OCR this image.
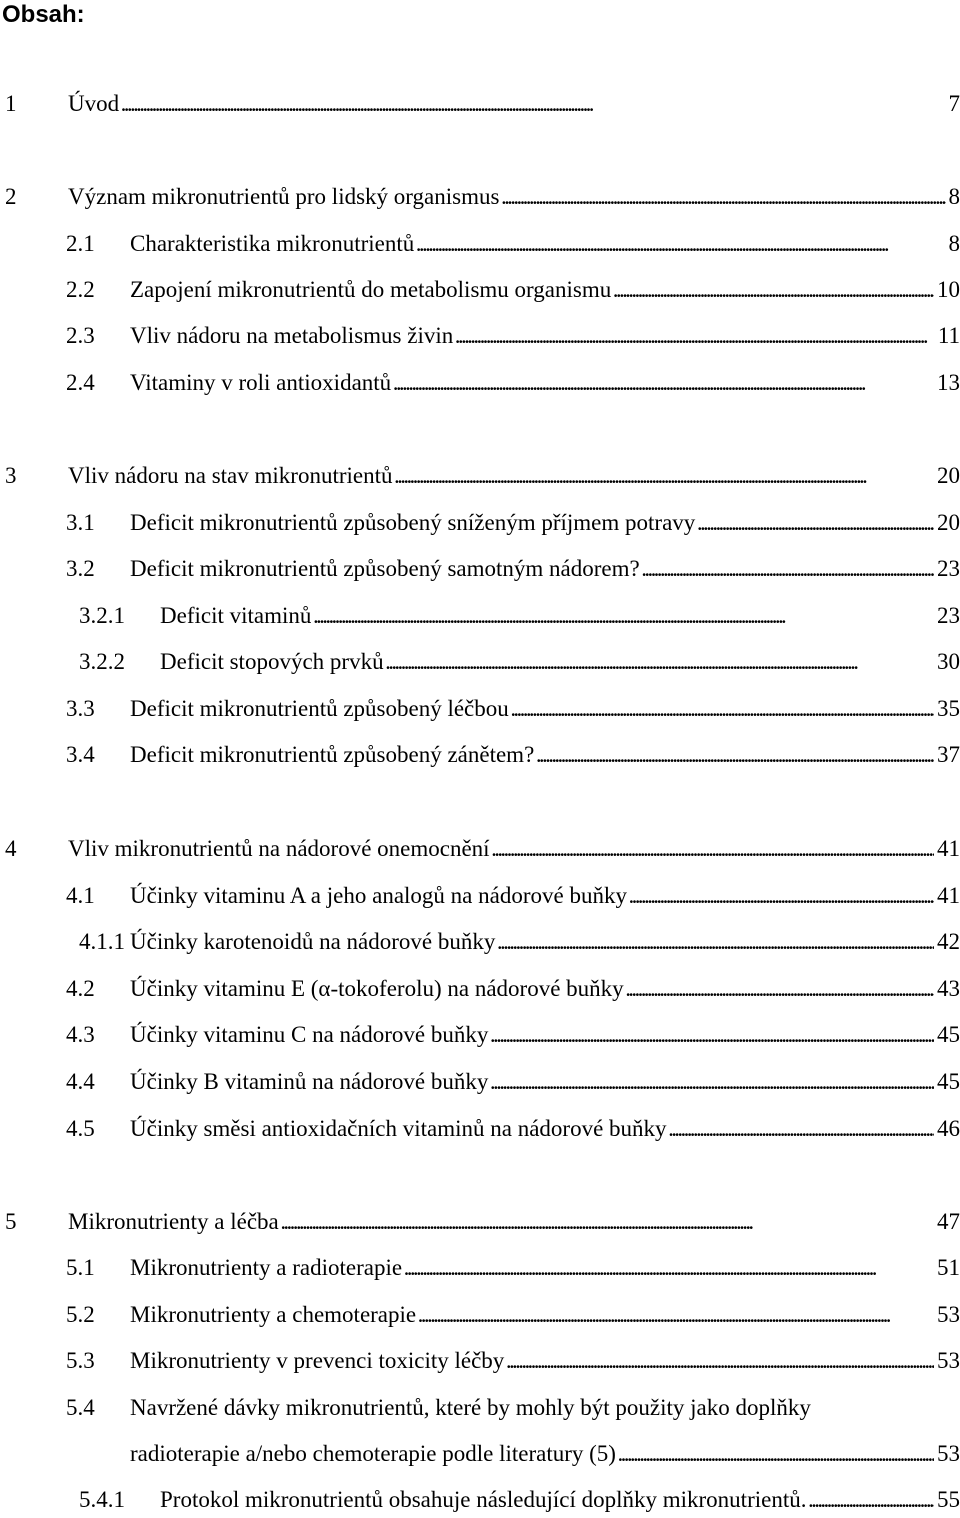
Obsah:
1 Úvod . . .	7
2 Význam mikronutrientů pro lidský organismus . . .	8
2.1 Charakteristika mikronutrientů . . .	8
2.2 Zapojení mikronutrientů do metabolismu organismu . . .	10
2.3 Vliv nádoru na metabolismus živin . . .	11
2.4 Vitaminy v roli antioxidantů . . .	13
3 Vliv nádoru na stav mikronutrientů . . .	20
3.1 Deficit mikronutrientů způsobený sníženým příjmem potravy . . .	20
3.2 Deficit mikronutrientů způsobený samotným nádorem? . . .	23
3.2.1 Deficit vitaminů . . .	23
3.2.2 Deficit stopových prvků . . .	30
3.3 Deficit mikronutrientů způsobený léčbou . . .	35
3.4 Deficit mikronutrientů způsobený zánětem? . . .	37
4 Vliv mikronutrientů na nádorové onemocnění . . .	41
4.1 Účinky vitaminu A a jeho analogů na nádorové buňky . . .	41
4.1.1 Účinky karotenoidů na nádorové buňky . . .	42
4.2 Účinky vitaminu E (α-tokoferolu) na nádorové buňky . . .	43
4.3 Účinky vitaminu C na nádorové buňky . . .	45
4.4 Účinky B vitaminů na nádorové buňky . . .	45
4.5 Účinky směsi antioxidačních vitaminů na nádorové buňky . . .	46
5 Mikronutrienty a léčba . . .	47
5.1 Mikronutrienty a radioterapie . . .	51
5.2 Mikronutrienty a chemoterapie . . .	53
5.3 Mikronutrienty v prevenci toxicity léčby . . .	53
5.4 Navržené dávky mikronutrientů, které by mohly být použity jako doplňky
radioterapie a/nebo chemoterapie podle literatury (5) . . .	53
5.4.1 Protokol mikronutrientů obsahuje následující doplňky mikronutrientů. . . .	55
